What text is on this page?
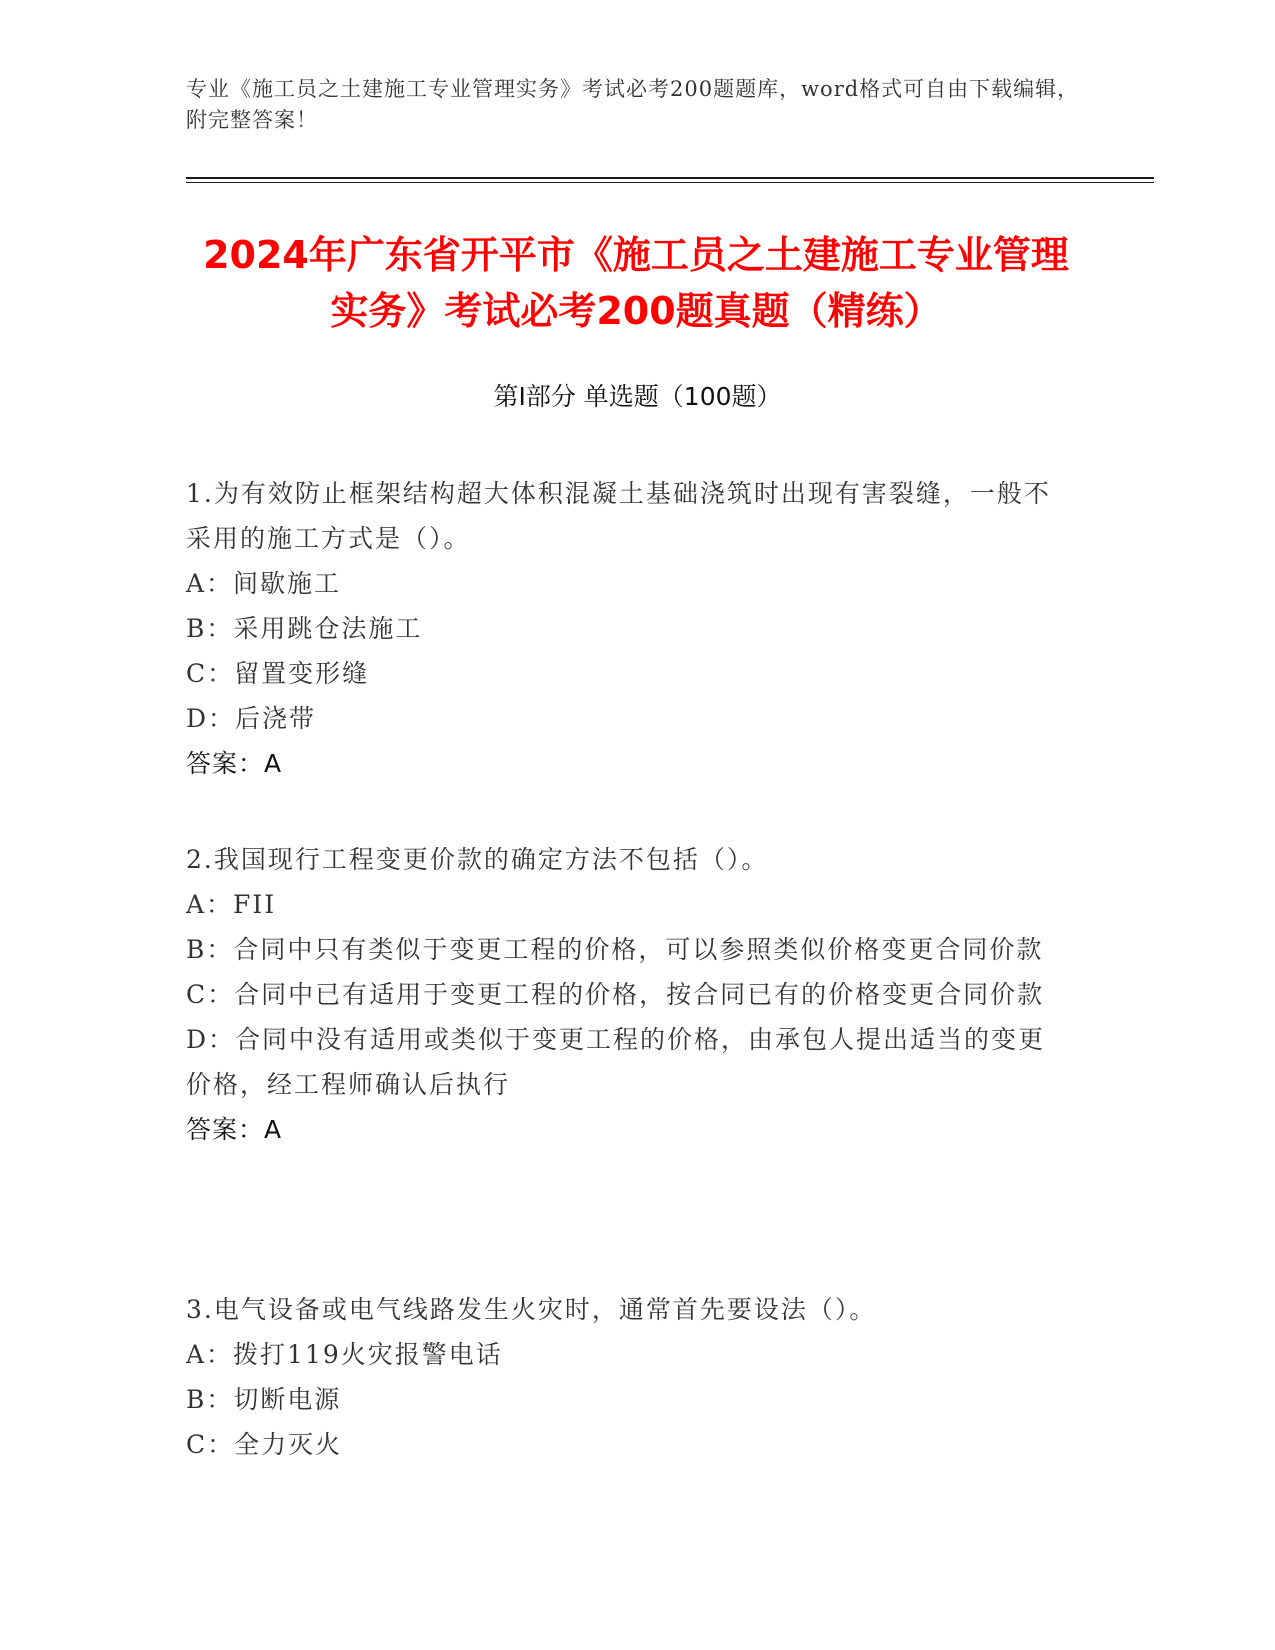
专业《施工员之土建施工专业管理实务》考试必考200题题库，word格式可自由下载编辑，附完整答案！
2024年广东省开平市《施工员之土建施工专业管理实务》考试必考200题真题（精练）
第I部分 单选题（100题）

1.为有效防止框架结构超大体积混凝土基础浇筑时出现有害裂缝，一般不采用的施工方式是（）。

A：间歇施工

B：采用跳仓法施工

C：留置变形缝

D：后浇带

答案：A

2.我国现行工程变更价款的确定方法不包括（）。

A：FII

B：合同中只有类似于变更工程的价格，可以参照类似价格变更合同价款

C：合同中已有适用于变更工程的价格，按合同已有的价格变更合同价款

D：合同中没有适用或类似于变更工程的价格，由承包人提出适当的变更价格，经工程师确认后执行

答案：A

3.电气设备或电气线路发生火灾时，通常首先要设法（）。

A：拨打119火灾报警电话

B：切断电源

C：全力灭火
